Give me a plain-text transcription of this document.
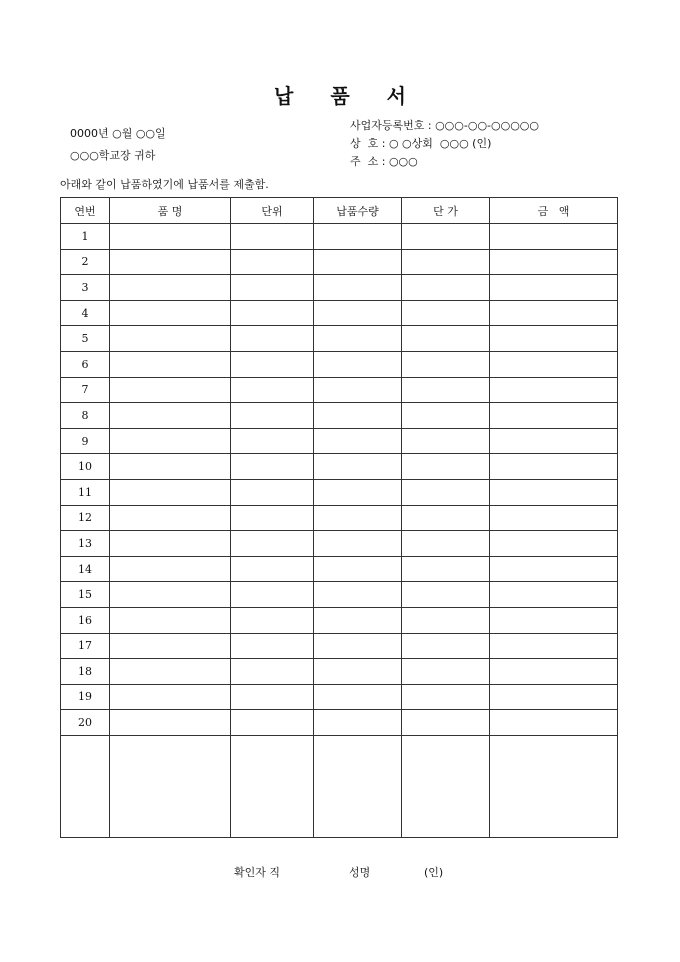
납 품 서
0000년 ○월 ○○일
○○○학교장 귀하
사업자등록번호 : ○○○-○○-○○○○○
상  호 : ○ ○상회  ○○○ (인)
주  소 : ○○○
아래와 같이 납품하였기에 납품서를 제출함.
연번	품 명	단위	납품수량	단 가	금   액
1					
2					
3					
4					
5					
6					
7					
8					
9					
10					
11					
12					
13					
14					
15					
16					
17					
18					
19					
20					

확인자 직	성명	(인)
